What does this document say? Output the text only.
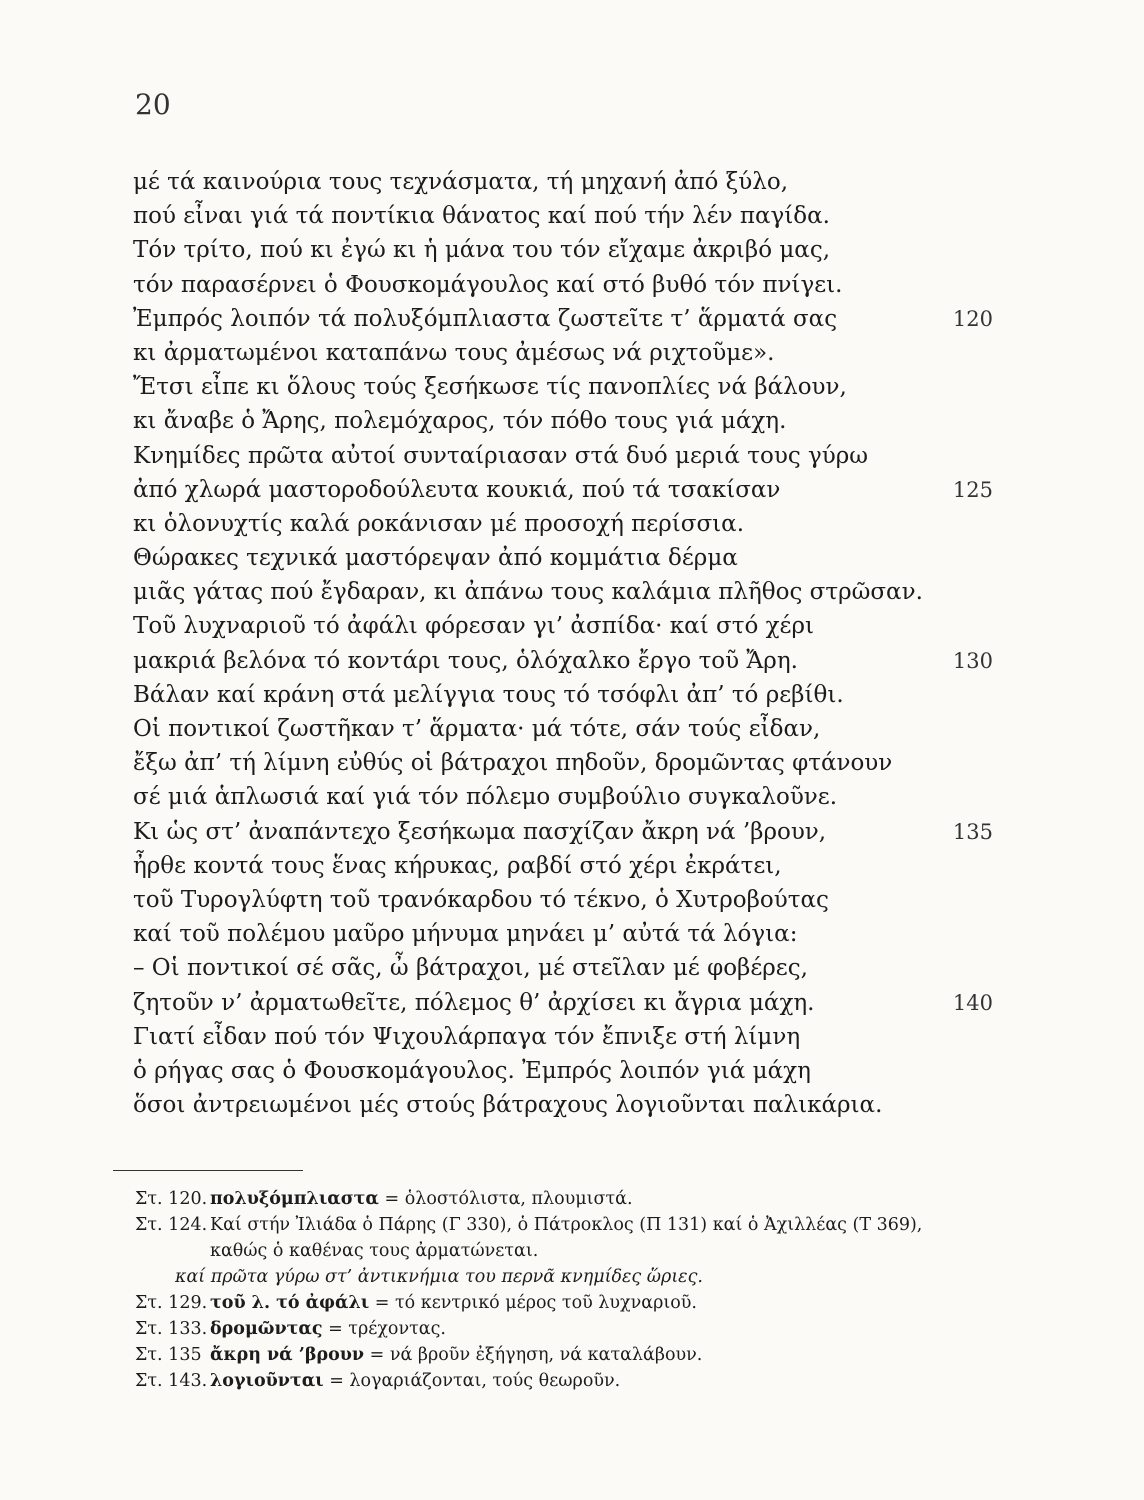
20
μέ τά καινούρια τους τεχνάσματα, τή μηχανή ἀπό ξύλο,
πού εἶναι γιά τά ποντίκια θάνατος καί πού τήν λέν παγίδα.
Τόν τρίτο, πού κι ἐγώ κι ἡ μάνα του τόν εἴχαμε ἀκριβό μας,
τόν παρασέρνει ὁ Φουσκομάγουλος καί στό βυθό τόν πνίγει.
Ἐμπρός λοιπόν τά πολυξόμπλιαστα ζωστεῖτε τ’ ἅρματά σας	120
κι ἀρματωμένοι καταπάνω τους ἀμέσως νά ριχτοῦμε».
Ἔτσι εἶπε κι ὅλους τούς ξεσήκωσε τίς πανοπλίες νά βάλουν,
κι ἄναβε ὁ Ἄρης, πολεμόχαρος, τόν πόθο τους γιά μάχη.
Κνημίδες πρῶτα αὐτοί συνταίριασαν στά δυό μεριά τους γύρω
ἀπό χλωρά μαστοροδούλευτα κουκιά, πού τά τσακίσαν	125
κι ὁλονυχτίς καλά ροκάνισαν μέ προσοχή περίσσια.
Θώρακες τεχνικά μαστόρεψαν ἀπό κομμάτια δέρμα
μιᾶς γάτας πού ἔγδαραν, κι ἀπάνω τους καλάμια πλῆθος στρῶσαν.
Τοῦ λυχναριοῦ τό ἀφάλι φόρεσαν γι’ ἀσπίδα· καί στό χέρι
μακριά βελόνα τό κοντάρι τους, ὁλόχαλκο ἔργο τοῦ Ἄρη.	130
Βάλαν καί κράνη στά μελίγγια τους τό τσόφλι ἀπ’ τό ρεβίθι.
Οἱ ποντικοί ζωστῆκαν τ’ ἅρματα· μά τότε, σάν τούς εἶδαν,
ἔξω ἀπ’ τή λίμνη εὐθύς οἱ βάτραχοι πηδοῦν, δρομῶντας φτάνουν
σέ μιά ἁπλωσιά καί γιά τόν πόλεμο συμβούλιο συγκαλοῦνε.
Κι ὡς στ’ ἀναπάντεχο ξεσήκωμα πασχίζαν ἄκρη νά ’βρουν,	135
ἦρθε κοντά τους ἕνας κήρυκας, ραβδί στό χέρι ἐκράτει,
τοῦ Τυρογλύφτη τοῦ τρανόκαρδου τό τέκνο, ὁ Χυτροβούτας
καί τοῦ πολέμου μαῦρο μήνυμα μηνάει μ’ αὐτά τά λόγια:
– Οἱ ποντικοί σέ σᾶς, ὦ βάτραχοι, μέ στεῖλαν μέ φοβέρες,
ζητοῦν ν’ ἀρματωθεῖτε, πόλεμος θ’ ἀρχίσει κι ἄγρια μάχη.	140
Γιατί εἶδαν πού τόν Ψιχουλάρπαγα τόν ἔπνιξε στή λίμνη
ὁ ρήγας σας ὁ Φουσκομάγουλος. Ἐμπρός λοιπόν γιά μάχη
ὅσοι ἀντρειωμένοι μές στούς βάτραχους λογιοῦνται παλικάρια.
Στ. 120. πολυξόμπλιαστα = ὁλοστόλιστα, πλουμιστά.
Στ. 124. Καί στήν Ἰλιάδα ὁ Πάρης (Γ 330), ὁ Πάτροκλος (Π 131) καί ὁ Ἀχιλλέας (Τ 369), καθώς ὁ καθένας τους ἀρματώνεται.
καί πρῶτα γύρω στ’ ἀντικνήμια του περνᾶ κνημίδες ὥριες.
Στ. 129. τοῦ λ. τό ἀφάλι = τό κεντρικό μέρος τοῦ λυχναριοῦ.
Στ. 133. δρομῶντας = τρέχοντας.
Στ. 135 ἄκρη νά ’βρουν = νά βροῦν ἐξήγηση, νά καταλάβουν.
Στ. 143. λογιοῦνται = λογαριάζονται, τούς θεωροῦν.
